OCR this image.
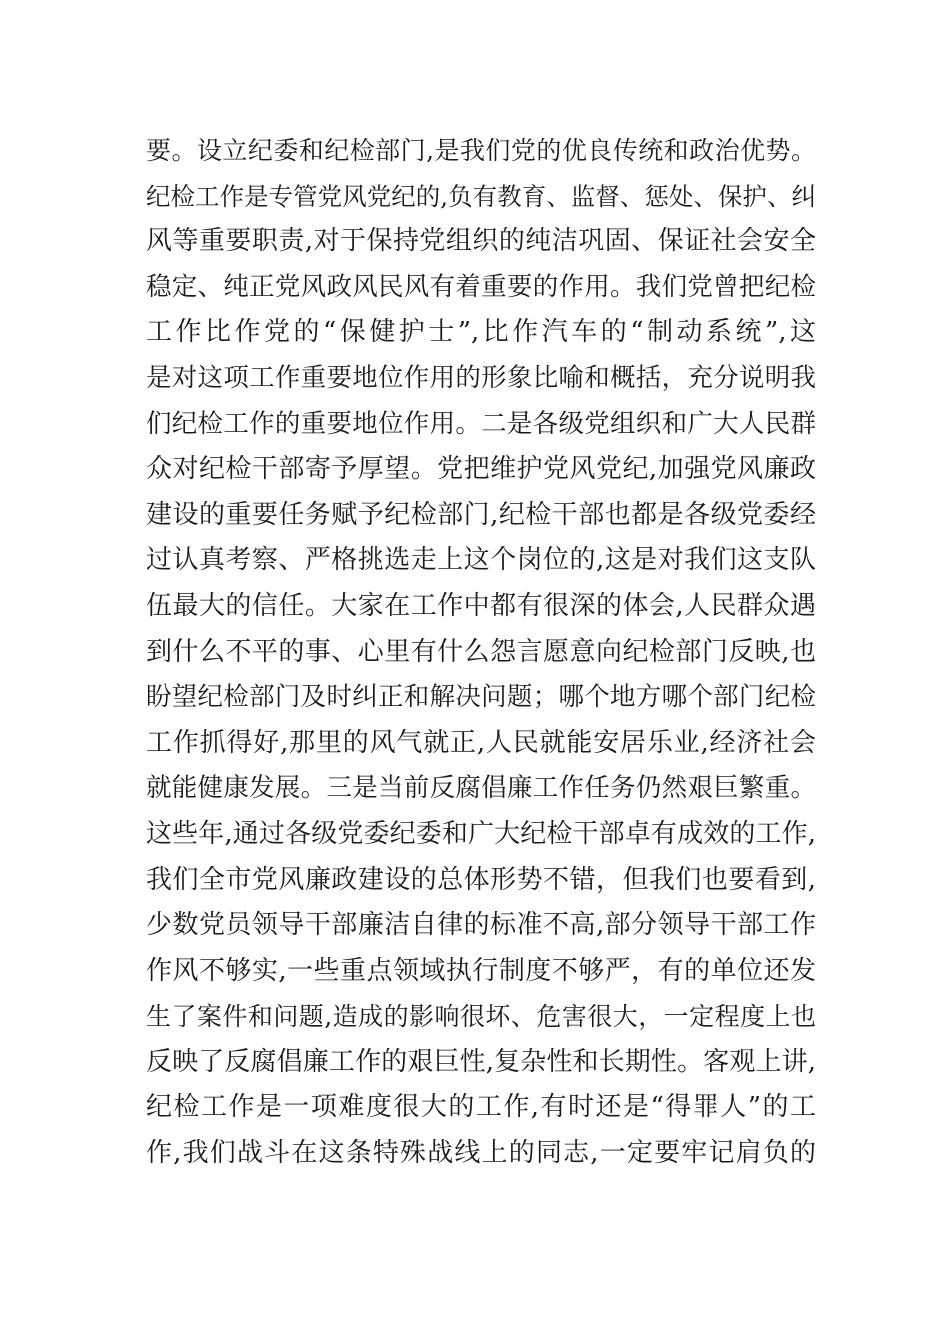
要。设立纪委和纪检部门,是我们党的优良传统和政治优势。
纪检工作是专管党风党纪的,负有教育、监督、惩处、保护、纠
风等重要职责,对于保持党组织的纯洁巩固、保证社会安全
稳定、纯正党风政风民风有着重要的作用。我们党曾把纪检
工作比作党的“保健护士”,比作汽车的“制动系统”,这
是对这项工作重要地位作用的形象比喻和概括，充分说明我
们纪检工作的重要地位作用。二是各级党组织和广大人民群
众对纪检干部寄予厚望。党把维护党风党纪,加强党风廉政
建设的重要任务赋予纪检部门,纪检干部也都是各级党委经
过认真考察、严格挑选走上这个岗位的,这是对我们这支队
伍最大的信任。大家在工作中都有很深的体会,人民群众遇
到什么不平的事、心里有什么怨言愿意向纪检部门反映,也
盼望纪检部门及时纠正和解决问题；哪个地方哪个部门纪检
工作抓得好,那里的风气就正,人民就能安居乐业,经济社会
就能健康发展。三是当前反腐倡廉工作任务仍然艰巨繁重。
这些年,通过各级党委纪委和广大纪检干部卓有成效的工作,
我们全市党风廉政建设的总体形势不错，但我们也要看到,
少数党员领导干部廉洁自律的标准不高,部分领导干部工作
作风不够实,一些重点领域执行制度不够严，有的单位还发
生了案件和问题,造成的影响很坏、危害很大，一定程度上也
反映了反腐倡廉工作的艰巨性,复杂性和长期性。客观上讲,
纪检工作是一项难度很大的工作,有时还是“得罪人”的工
作,我们战斗在这条特殊战线上的同志,一定要牢记肩负的
